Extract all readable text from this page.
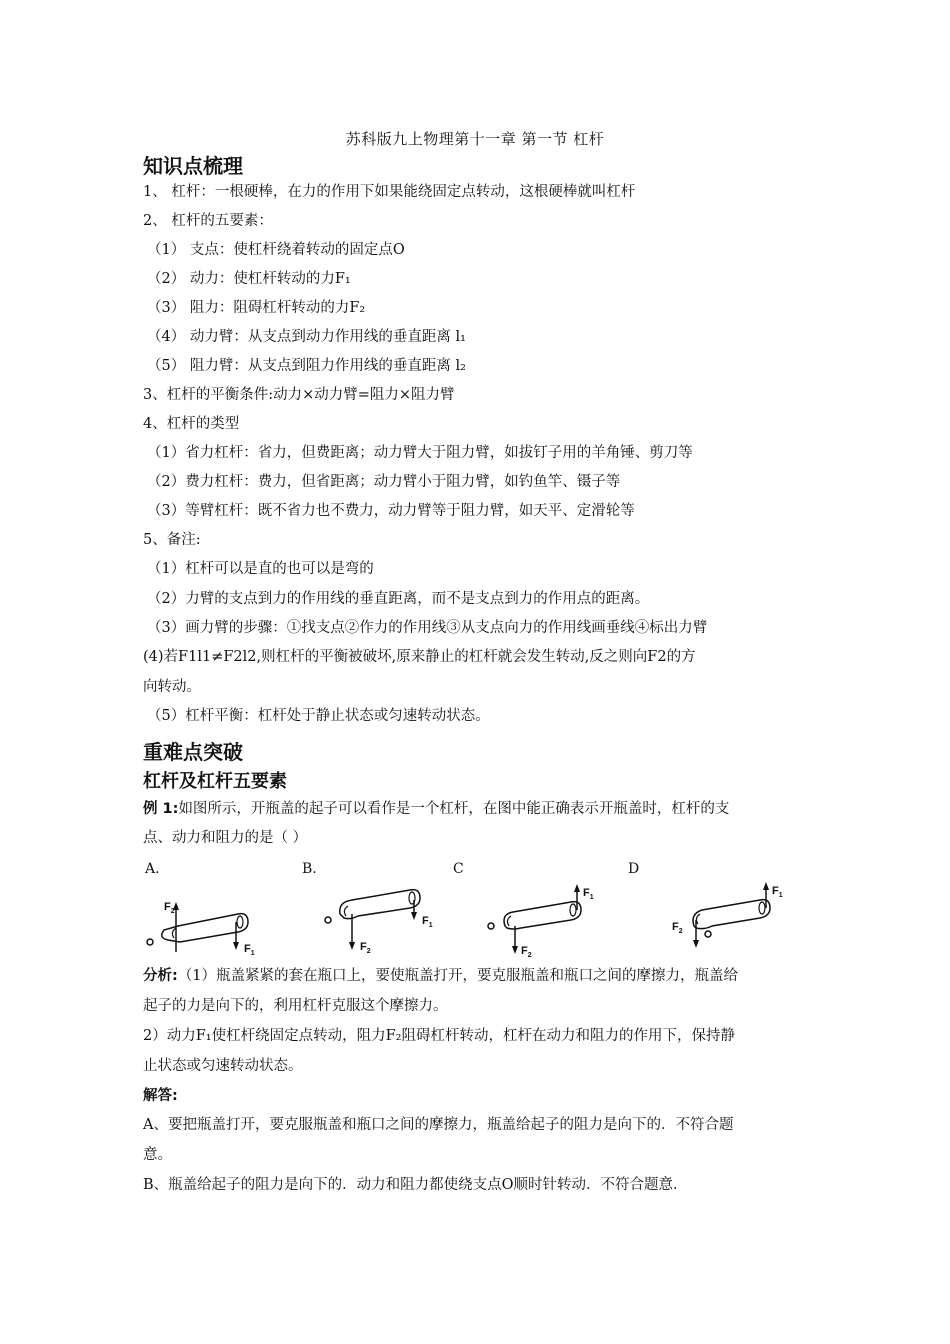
苏科版九上物理第十一章 第一节 杠杆
知识点梳理
1、 杠杆：一根硬棒，在力的作用下如果能绕固定点转动，这根硬棒就叫杠杆
2、 杠杆的五要素：
（1） 支点：使杠杆绕着转动的固定点O
（2） 动力：使杠杆转动的力F₁
（3） 阻力：阻碍杠杆转动的力F₂
（4） 动力臂：从支点到动力作用线的垂直距离 l₁
（5） 阻力臂：从支点到阻力作用线的垂直距离 l₂
3、杠杆的平衡条件:动力×动力臂=阻力×阻力臂
4、杠杆的类型
（1）省力杠杆：省力，但费距离；动力臂大于阻力臂，如拔钉子用的羊角锤、剪刀等
（2）费力杠杆：费力，但省距离；动力臂小于阻力臂，如钓鱼竿、镊子等
（3）等臂杠杆：既不省力也不费力，动力臂等于阻力臂，如天平、定滑轮等
5、备注:
（1）杠杆可以是直的也可以是弯的
（2）力臂的支点到力的作用线的垂直距离，而不是支点到力的作用点的距离。
（3）画力臂的步骤：①找支点②作力的作用线③从支点向力的作用线画垂线④标出力臂
(4)若F1l1≠F2l2,则杠杆的平衡被破坏,原来静止的杠杆就会发生转动,反之则向F2的方
向转动。
（5）杠杆平衡：杠杆处于静止状态或匀速转动状态。
重难点突破
杠杆及杠杆五要素
例 1:如图所示，开瓶盖的起子可以看作是一个杠杆，在图中能正确表示开瓶盖时，杠杆的支
点、动力和阻力的是（ ）
A.	B.	C	D
$F_2$
$F_1$
$F_2$
$F_1$
$F_2$
$F_1$
$F_2$
$F_1$
分析:（1）瓶盖紧紧的套在瓶口上，要使瓶盖打开，要克服瓶盖和瓶口之间的摩擦力，瓶盖给
起子的力是向下的，利用杠杆克服这个摩擦力。
2）动力F₁使杠杆绕固定点转动，阻力F₂阻碍杠杆转动，杠杆在动力和阻力的作用下，保持静
止状态或匀速转动状态。
解答:
A、要把瓶盖打开，要克服瓶盖和瓶口之间的摩擦力，瓶盖给起子的阻力是向下的．不符合题
意。
B、瓶盖给起子的阻力是向下的．动力和阻力都使绕支点O顺时针转动．不符合题意．
